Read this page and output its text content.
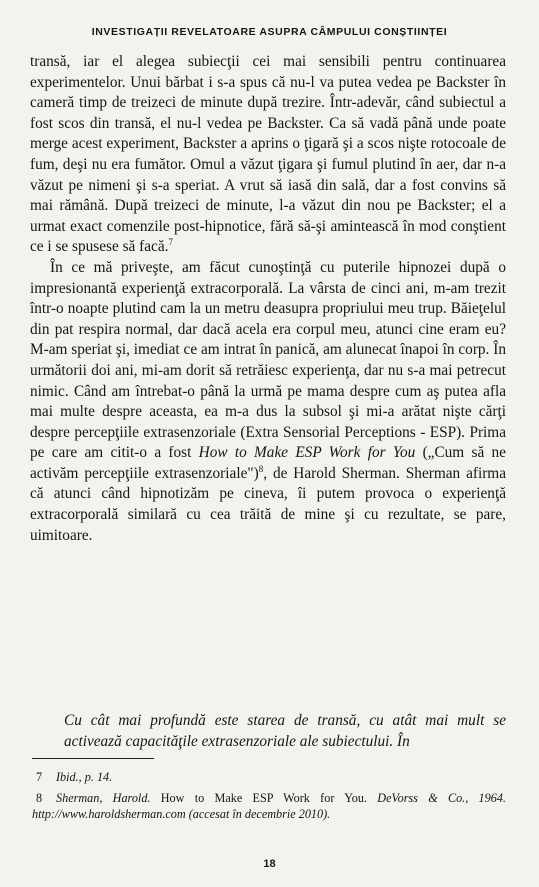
INVESTIGAȚII REVELATOARE ASUPRA CÂMPULUI CONȘTIINȚEI

transă, iar el alegea subiecţii cei mai sensibili pentru continuarea experimentelor. Unui bărbat i s-a spus că nu-l va putea vedea pe Backster în cameră timp de treizeci de minute după trezire. Într-adevăr, când subiectul a fost scos din transă, el nu-l vedea pe Backster. Ca să vadă până unde poate merge acest experiment, Backster a aprins o ţigară şi a scos nişte rotocoale de fum, deşi nu era fumător. Omul a văzut ţigara şi fumul plutind în aer, dar n-a văzut pe nimeni şi s-a speriat. A vrut să iasă din sală, dar a fost convins să mai rămână. După treizeci de minute, l-a văzut din nou pe Backster; el a urmat exact comenzile post-hipnotice, fără să-şi amintească în mod conştient ce i se spusese să facă.$^7$

În ce mă priveşte, am făcut cunoştinţă cu puterile hipnozei după o impresionantă experienţă extracorporală. La vârsta de cinci ani, m-am trezit într-o noapte plutind cam la un metru deasupra propriului meu trup. Băieţelul din pat respira normal, dar dacă acela era corpul meu, atunci cine eram eu? M-am speriat şi, imediat ce am intrat în panică, am alunecat înapoi în corp. În următorii doi ani, mi-am dorit să retrăiesc experienţa, dar nu s-a mai petrecut nimic. Când am întrebat-o până la urmă pe mama despre cum aş putea afla mai multe despre aceasta, ea m-a dus la subsol şi mi-a arătat nişte cărţi despre percepţiile extrasenzoriale (Extra Sensorial Perceptions - ESP). Prima pe care am citit-o a fost How to Make ESP Work for You („Cum să ne activăm percepţiile extrasenzoriale")$^8$, de Harold Sherman. Sherman afirma că atunci când hipnotizăm pe cineva, îi putem provoca o experienţă extracorporală similară cu cea trăită de mine şi cu rezultate, se pare, uimitoare.

Cu cât mai profundă este starea de transă, cu atât mai mult se activează capacităţile extrasenzoriale ale subiectului. În

7 Ibid., p. 14.

8 Sherman, Harold. How to Make ESP Work for You. DeVorss & Co., 1964. http://www.haroldsherman.com (accesat în decembrie 2010).

18
